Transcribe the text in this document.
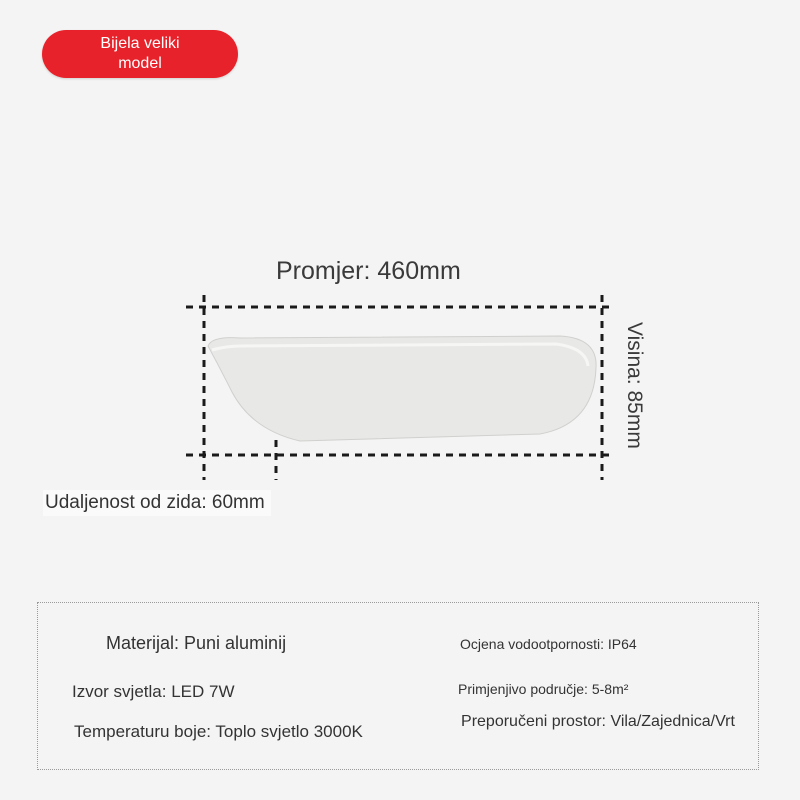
Bijela veliki model
Promjer: 460mm
Visina: 85mm
Udaljenost od zida: 60mm
Materijal: Puni aluminij
Izvor svjetla: LED 7W
Temperaturu boje: Toplo svjetlo 3000K
Ocjena vodootpornosti: IP64
Primjenjivo područje: 5-8m²
Preporučeni prostor: Vila/Zajednica/Vrt
